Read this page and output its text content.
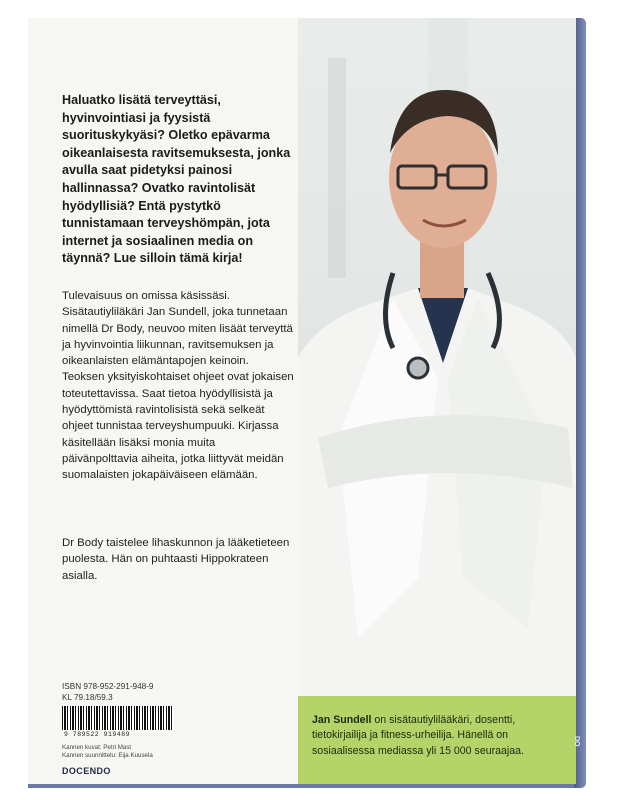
Haluatko lisätä terveyttäsi, hyvinvointiasi ja fyysistä suorituskykyäsi? Oletko epävarma oikeanlaisesta ravitsemuksesta, jonka avulla saat pidetyksi painosi hallinnassa? Ovatko ravintolisät hyödyllisiä? Entä pystytkö tunnistamaan terveyshömpän, jota internet ja sosiaalinen media on täynnä? Lue silloin tämä kirja!

Tulevaisuus on omissa käsissäsi. Sisätautiyliläkäri Jan Sundell, joka tunnetaan nimellä Dr Body, neuvoo miten lisäät terveyttä ja hyvinvointia liikunnan, ravitsemuksen ja oikeanlaisten elämäntapojen keinoin. Teoksen yksityiskohtaiset ohjeet ovat jokaisen toteutettavissa. Saat tietoa hyödyllisistä ja hyödyttömistä ravintolisistä sekä selkeät ohjeet tunnistaa terveyshumpuuki. Kirjassa käsitellään lisäksi monia muita päivänpolttavia aiheita, jotka liittyvät meidän suomalaisten jokapäiväiseen elämään.

Dr Body taistelee lihaskunnon ja lääketieteen puolesta. Hän on puhtaasti Hippokrateen asialla.

ISBN 978-952-291-948-9
KL 79.18/59.3
9 789522 919489
Kannen kuvat: Petri Mast
Kannen suunnittelu: Eija Kuusela
DOCENDO

Jan Sundell on sisätautiylilääkäri, dosentti, tietokirjailija ja fitness-urheilija. Hänellä on sosiaalisessa mediassa yli 15 000 seuraajaa.

DO
